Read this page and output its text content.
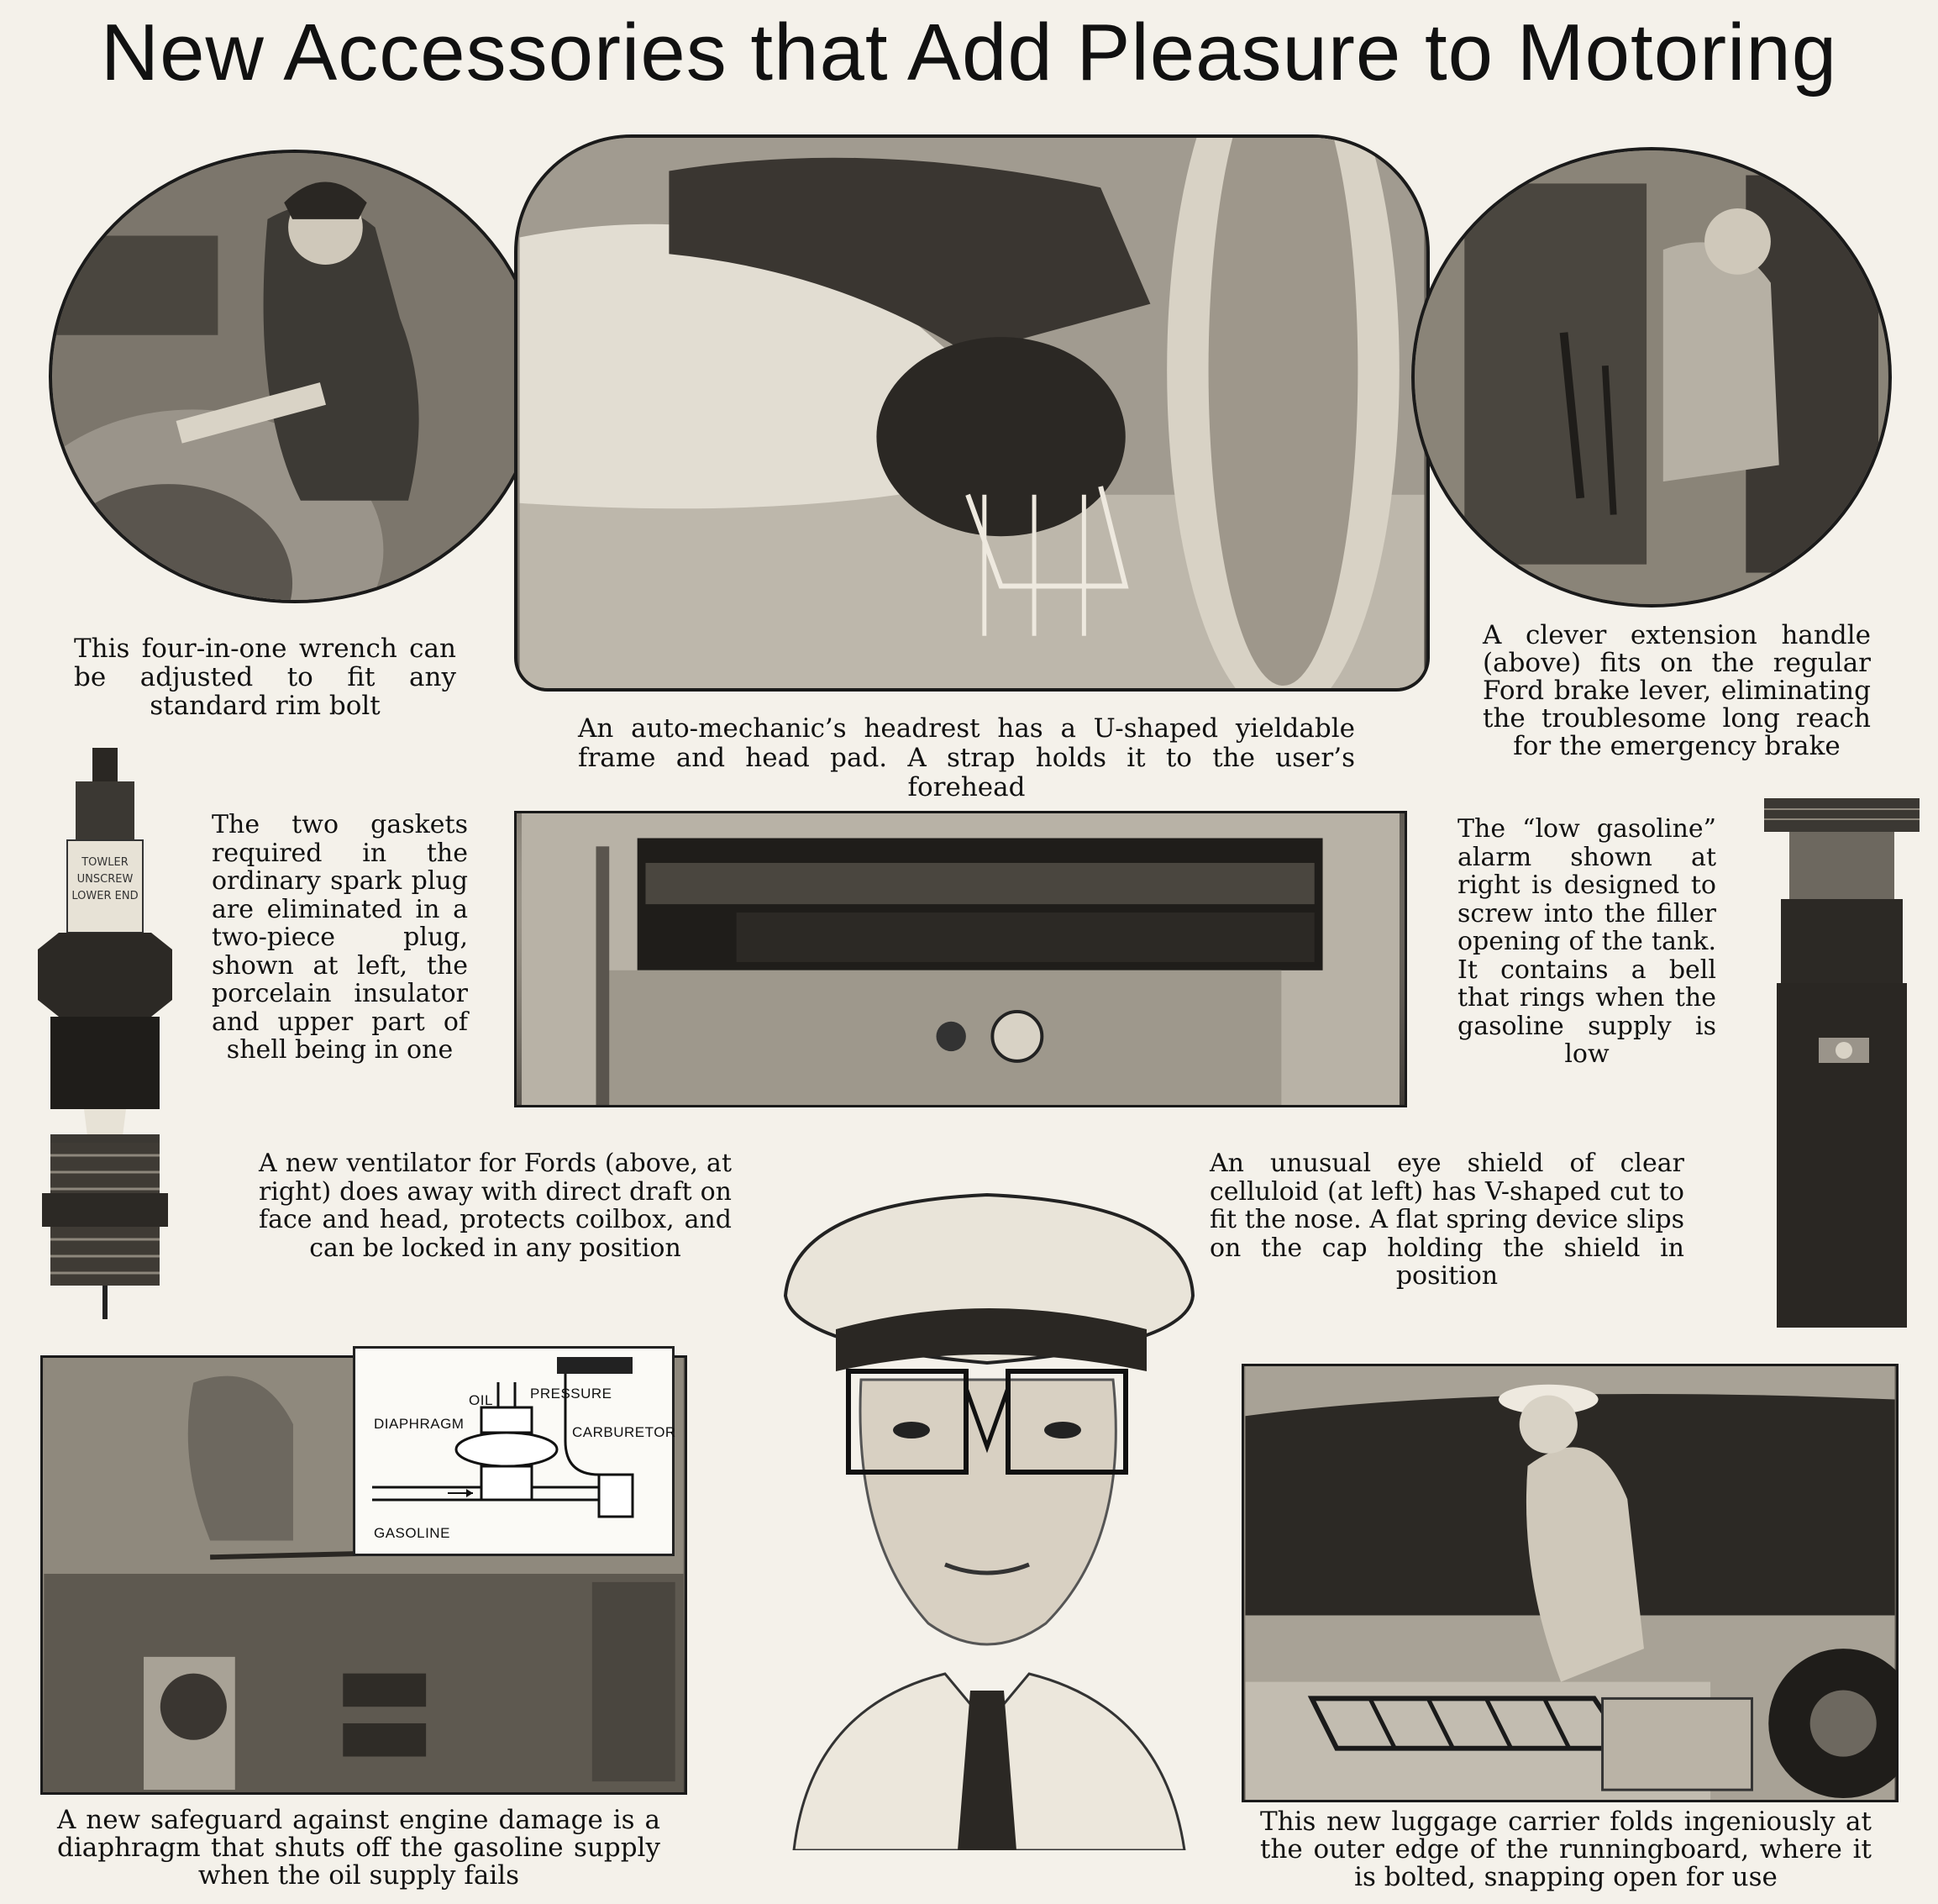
New Accessories that Add Pleasure to Motoring
This four-in-one wrench can be adjusted to fit any standard rim bolt
An auto-mechanic’s headrest has a U-shaped yieldable frame and head pad. A strap holds it to the user’s forehead
A clever extension handle (above) fits on the regular Ford brake lever, eliminating the troublesome long reach for the emergency brake
TOWLER
UNSCREW
LOWER END
The two gaskets required in the ordinary spark plug are eliminated in a two-piece plug, shown at left, the porcelain insulator and upper part of shell being in one
The “low gasoline” alarm shown at right is designed to screw into the filler opening of the tank. It contains a bell that rings when the gasoline supply is low
A new ventilator for Fords (above, at right) does away with direct draft on face and head, protects coilbox, and can be locked in any position
An unusual eye shield of clear celluloid (at left) has V-shaped cut to fit the nose. A flat spring device slips on the cap holding the shield in position
PRESSURE
OIL
DIAPHRAGM
CARBURETOR
GASOLINE
A new safeguard against engine damage is a diaphragm that shuts off the gasoline supply when the oil supply fails
This new luggage carrier folds ingeniously at the outer edge of the runningboard, where it is bolted, snapping open for use
